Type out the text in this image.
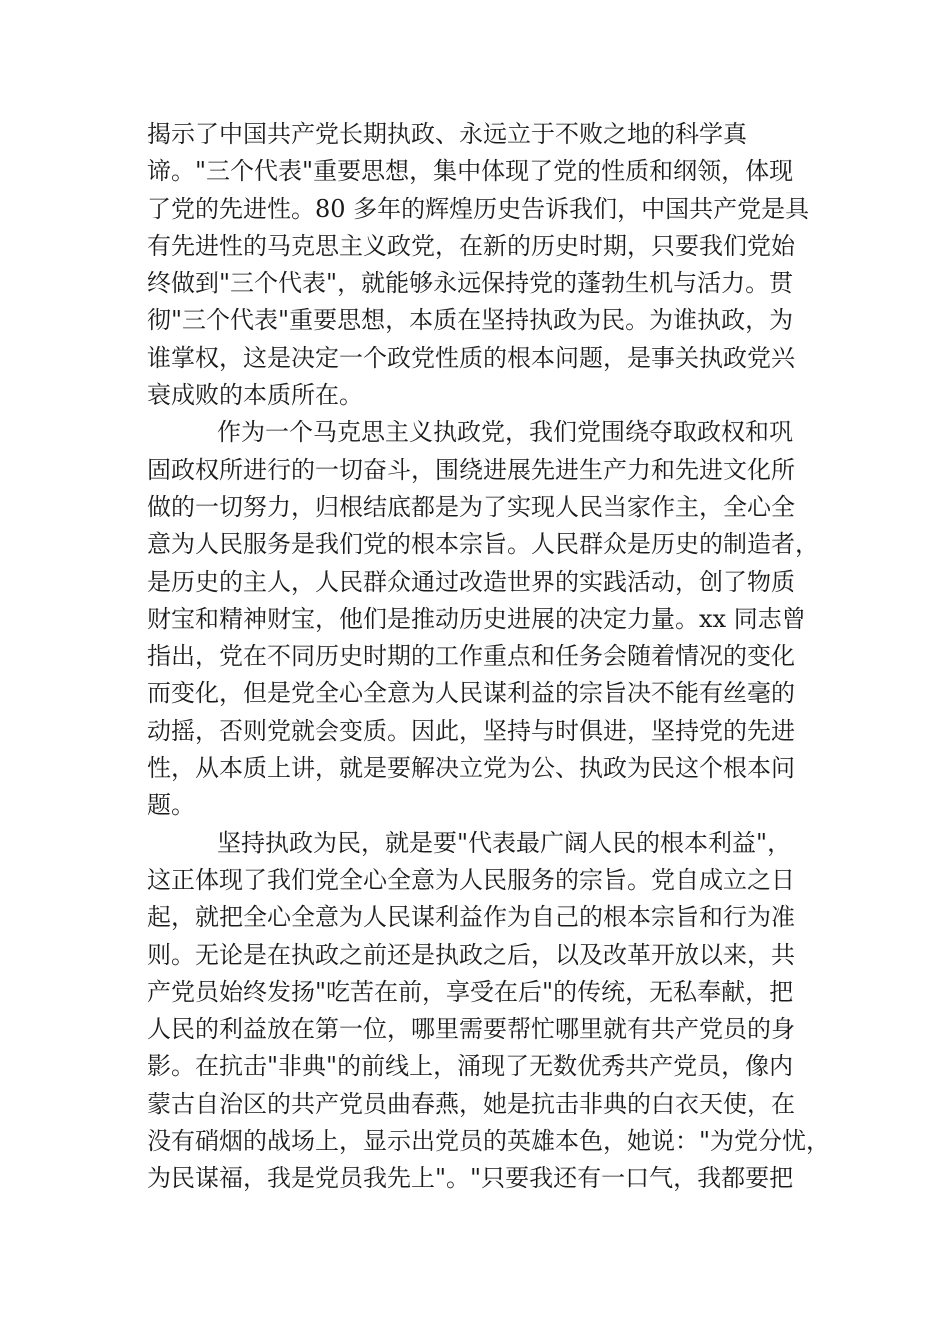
揭示了中国共产党长期执政、永远立于不败之地的科学真
谛。"三个代表"重要思想，集中体现了党的性质和纲领，体现
了党的先进性。80 多年的辉煌历史告诉我们，中国共产党是具
有先进性的马克思主义政党，在新的历史时期，只要我们党始
终做到"三个代表"，就能够永远保持党的蓬勃生机与活力。贯
彻"三个代表"重要思想，本质在坚持执政为民。为谁执政，为
谁掌权，这是决定一个政党性质的根本问题，是事关执政党兴
衰成败的本质所在。
作为一个马克思主义执政党，我们党围绕夺取政权和巩
固政权所进行的一切奋斗，围绕进展先进生产力和先进文化所
做的一切努力，归根结底都是为了实现人民当家作主，全心全
意为人民服务是我们党的根本宗旨。人民群众是历史的制造者，
是历史的主人，人民群众通过改造世界的实践活动，创了物质
财宝和精神财宝，他们是推动历史进展的决定力量。xx 同志曾
指出，党在不同历史时期的工作重点和任务会随着情况的变化
而变化，但是党全心全意为人民谋利益的宗旨决不能有丝毫的
动摇，否则党就会变质。因此，坚持与时俱进，坚持党的先进
性，从本质上讲，就是要解决立党为公、执政为民这个根本问
题。
坚持执政为民，就是要"代表最广阔人民的根本利益"，
这正体现了我们党全心全意为人民服务的宗旨。党自成立之日
起，就把全心全意为人民谋利益作为自己的根本宗旨和行为准
则。无论是在执政之前还是执政之后，以及改革开放以来，共
产党员始终发扬"吃苦在前，享受在后"的传统，无私奉献，把
人民的利益放在第一位，哪里需要帮忙哪里就有共产党员的身
影。在抗击"非典"的前线上，涌现了无数优秀共产党员，像内
蒙古自治区的共产党员曲春燕，她是抗击非典的白衣天使，在
没有硝烟的战场上，显示出党员的英雄本色，她说："为党分忧，
为民谋福，我是党员我先上"。"只要我还有一口气，我都要把
